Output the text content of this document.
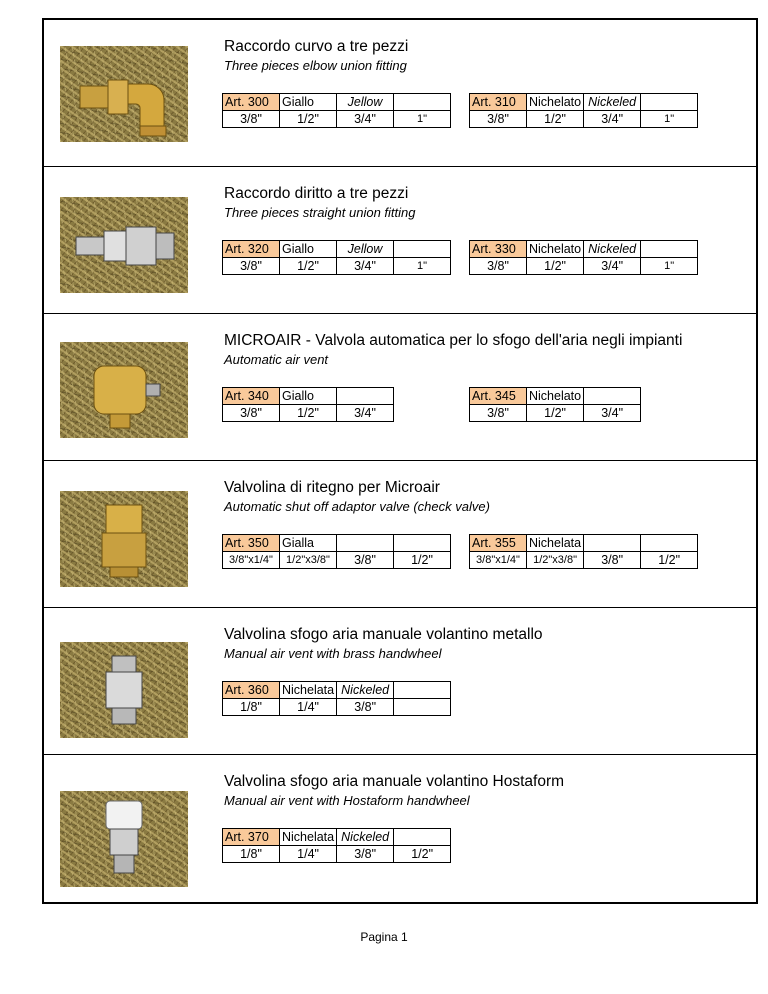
Raccordo curvo a tre pezzi
Three pieces elbow union fitting
Art. 300	Giallo	Jellow	
3/8"	1/2"	3/4"	1"
Art. 310	Nichelato	Nickeled	
3/8"	1/2"	3/4"	1"
Raccordo diritto a tre pezzi
Three pieces straight union fitting
Art. 320	Giallo	Jellow	
3/8"	1/2"	3/4"	1"
Art. 330	Nichelato	Nickeled	
3/8"	1/2"	3/4"	1"
MICROAIR - Valvola automatica per lo sfogo dell'aria negli impianti
Automatic air vent
Art. 340	Giallo	
3/8"	1/2"	3/4"
Art. 345	Nichelato	
3/8"	1/2"	3/4"
Valvolina di ritegno per Microair
Automatic shut off adaptor valve (check valve)
Art. 350	Gialla		
3/8"x1/4"	1/2"x3/8"	3/8"	1/2"
Art. 355	Nichelata		
3/8"x1/4"	1/2"x3/8"	3/8"	1/2"
Valvolina sfogo aria manuale volantino metallo
Manual air vent with brass handwheel
Art. 360	Nichelata	Nickeled	
1/8"	1/4"	3/8"	
Valvolina sfogo aria manuale volantino Hostaform
Manual air vent with Hostaform handwheel
Art. 370	Nichelata	Nickeled	
1/8"	1/4"	3/8"	1/2"
Pagina 1
